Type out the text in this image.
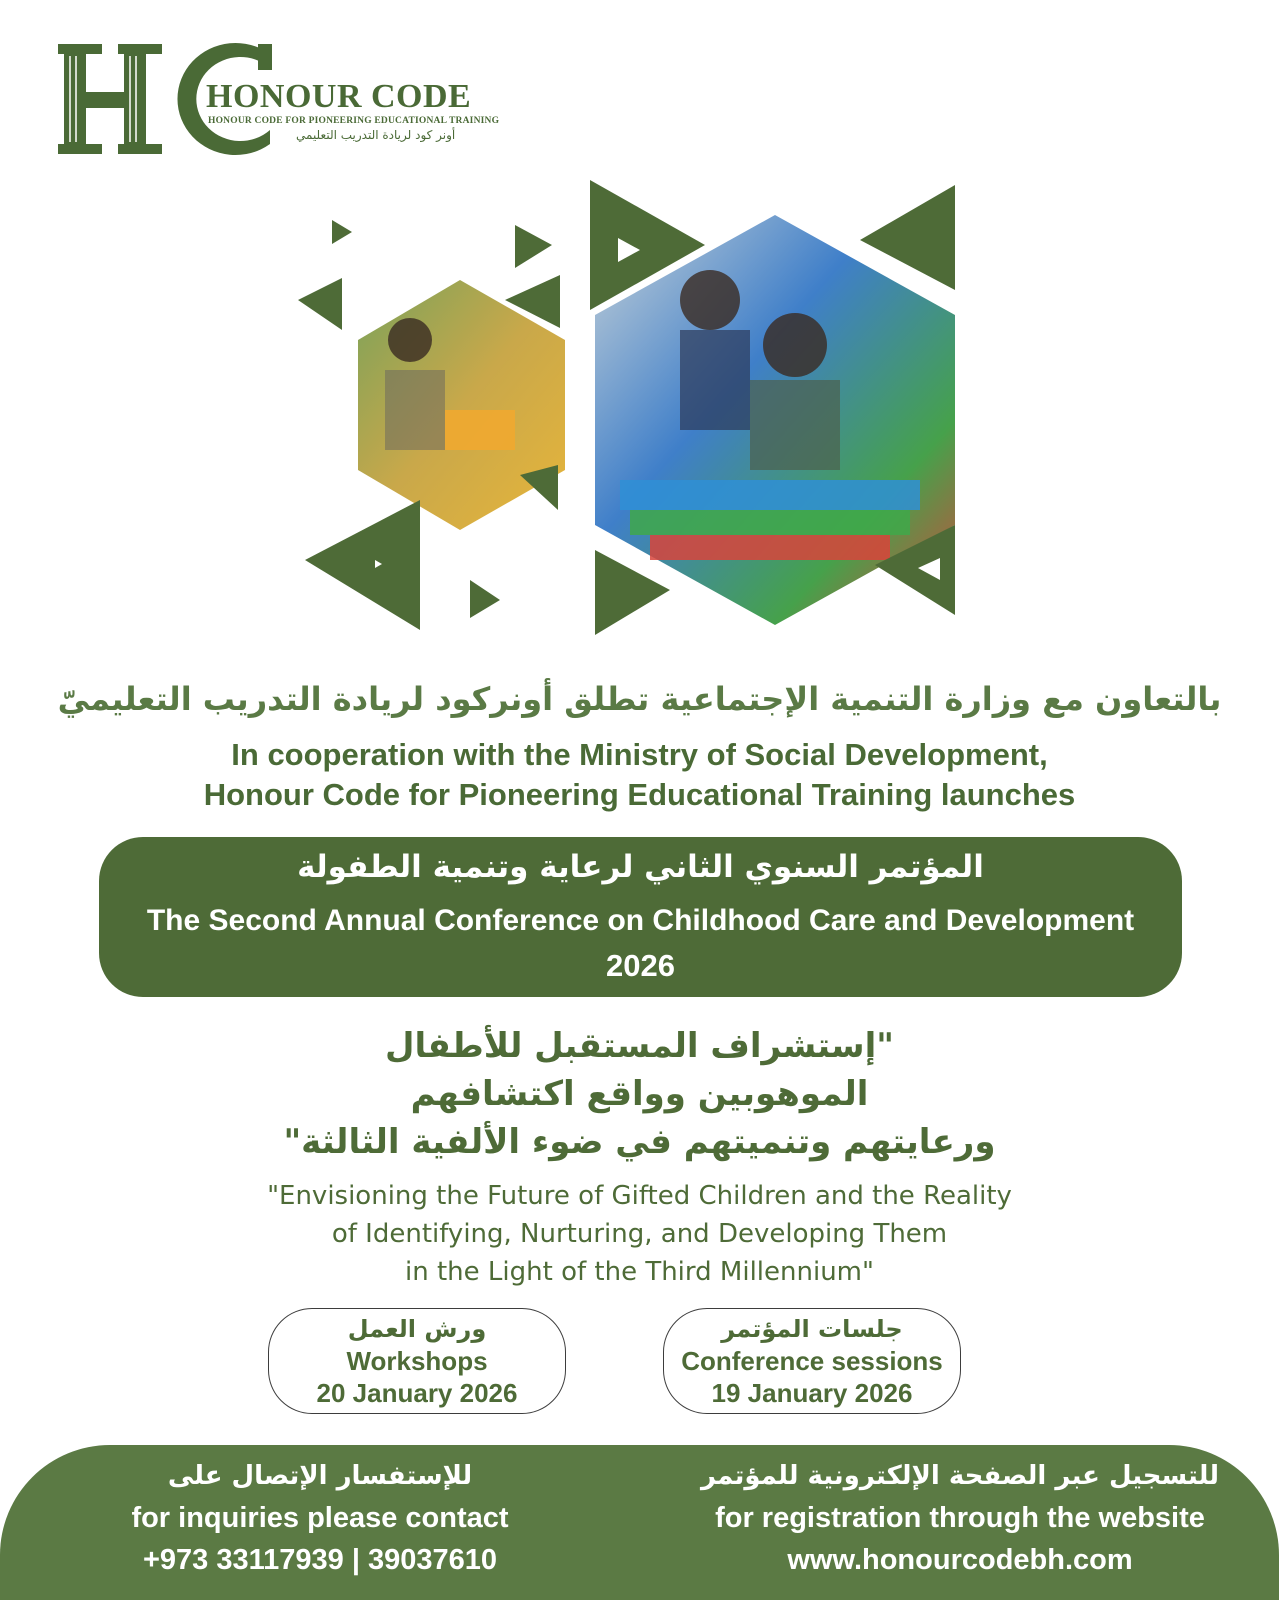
HONOUR CODE
HONOUR CODE FOR PIONEERING EDUCATIONAL TRAINING
أونر كود لريادة التدريب التعليمي
بالتعاون مع وزارة التنمية الإجتماعية تطلق أونركود لريادة التدريب التعليميّ
In cooperation with the Ministry of Social Development,
Honour Code for Pioneering Educational Training launches
المؤتمر السنوي الثاني لرعاية وتنمية الطفولة
The Second Annual Conference on Childhood Care and Development
2026
"إستشراف المستقبل للأطفال
الموهوبين وواقع اكتشافهم
ورعايتهم وتنميتهم في ضوء الألفية الثالثة"
"Envisioning the Future of Gifted Children and the Reality
of Identifying, Nurturing, and Developing Them
in the Light of the Third Millennium"
ورش العمل
Workshops
20 January 2026
جلسات المؤتمر
Conference sessions
19 January 2026
للإستفسار الإتصال على
for inquiries please contact
+973 33117939 | 39037610
للتسجيل عبر الصفحة الإلكترونية للمؤتمر
for registration through the website
www.honourcodebh.com
